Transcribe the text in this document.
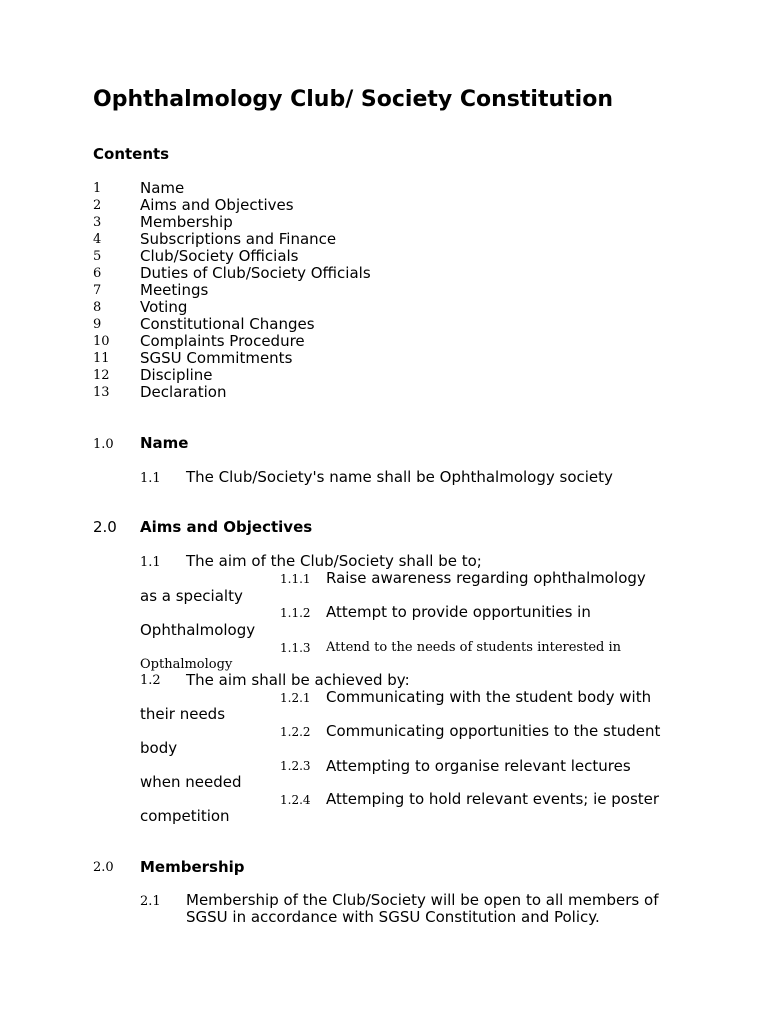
Ophthalmology Club/ Society Constitution
Contents
1	Name
2	Aims and Objectives
3	Membership
4	Subscriptions and Finance
5	Club/Society Officials
6	Duties of Club/Society Officials
7	Meetings
8	Voting
9	Constitutional Changes
10 Complaints Procedure
11 SGSU Commitments
12 Discipline
13 Declaration
1.0 Name
1.1 The Club/Society's name shall be Ophthalmology society
2.0 Aims and Objectives
1.1 The aim of the Club/Society shall be to;
1.1.1 Raise awareness regarding ophthalmology
as a specialty
1.1.2 Attempt to provide opportunities in
Ophthalmology
1.1.3 Attend to the needs of students interested in
Opthalmology
1.2 The aim shall be achieved by:
1.2.1 Communicating with the student body with
their needs
1.2.2 Communicating opportunities to the student
body
1.2.3 Attempting to organise relevant lectures
when needed
1.2.4 Attemping to hold relevant events; ie poster
competition
2.0 Membership
2.1 Membership of the Club/Society will be open to all members of
SGSU in accordance with SGSU Constitution and Policy.
